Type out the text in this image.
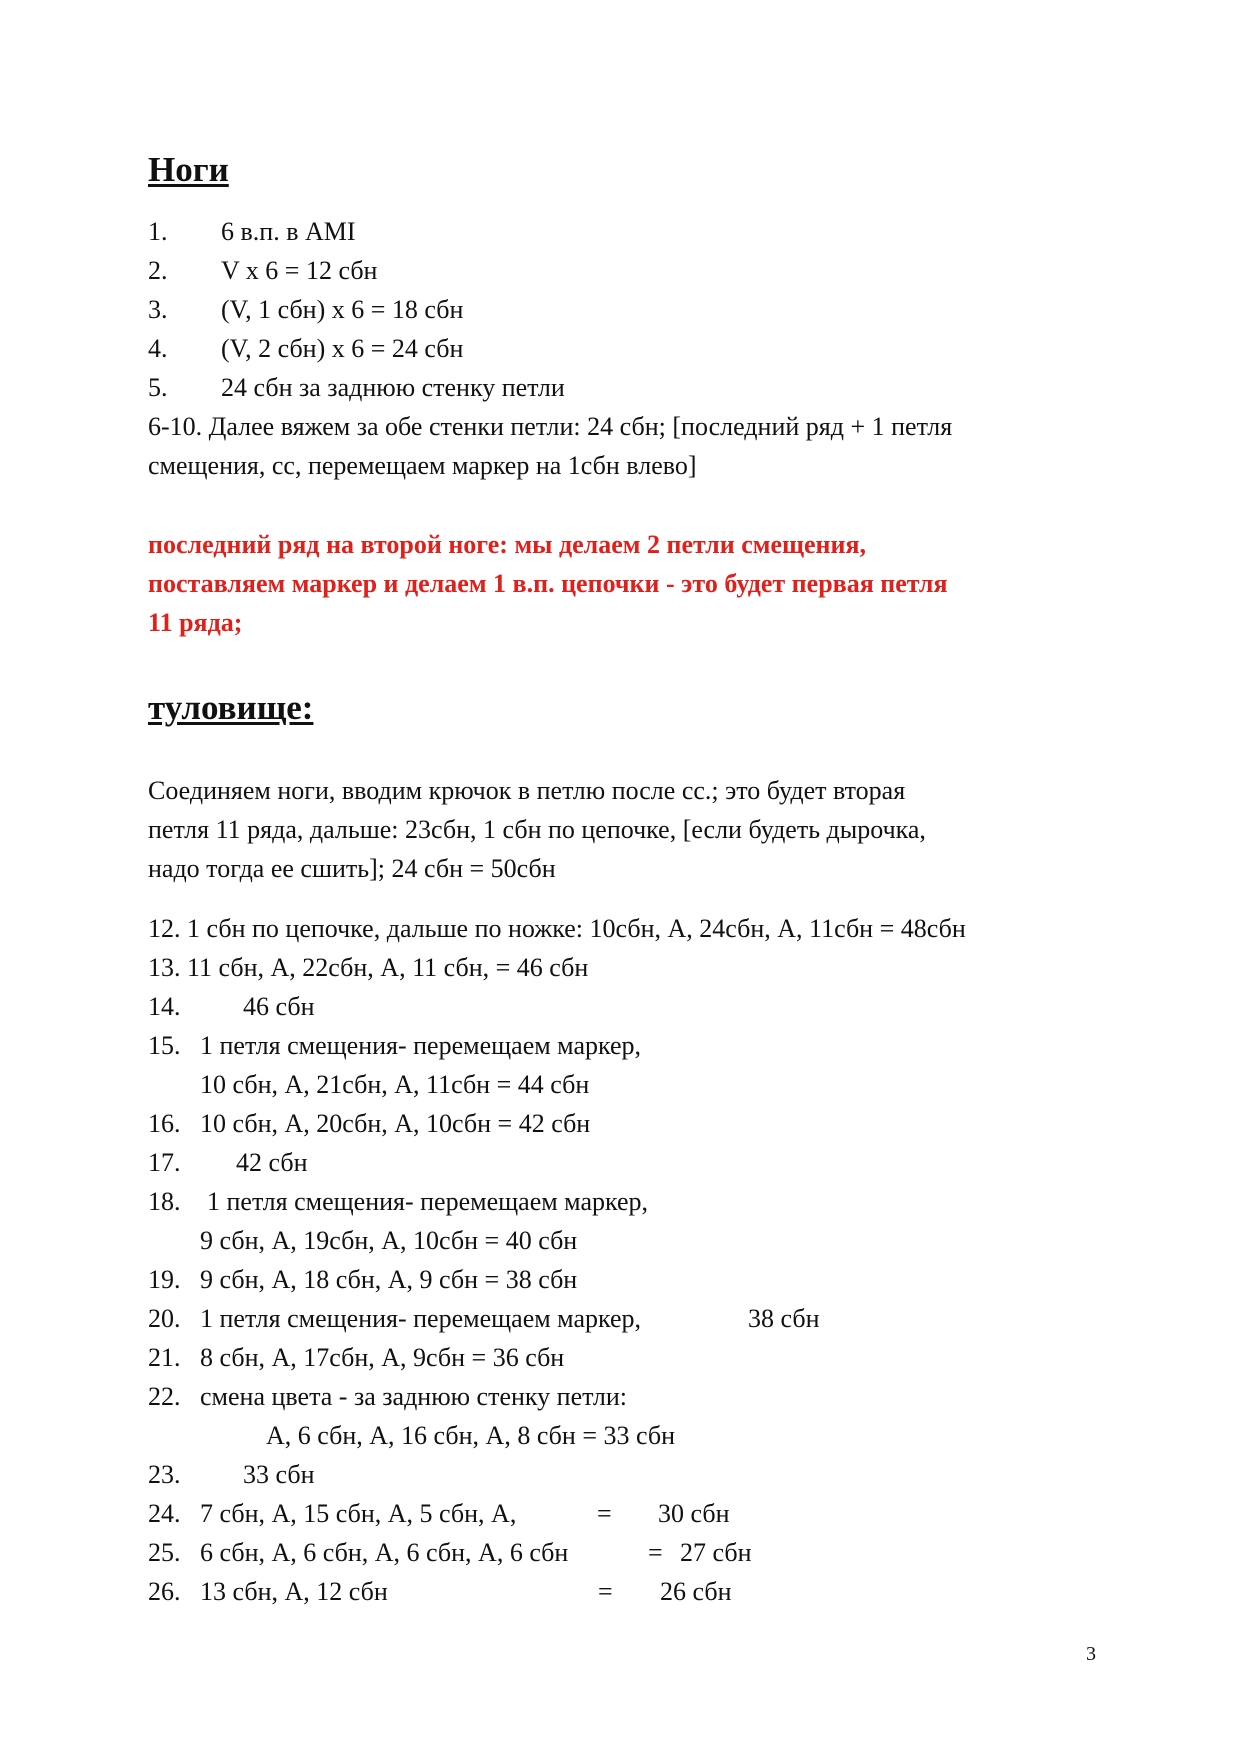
Ноги
1. 6 в.п. в AMI
2. V x 6 = 12 сбн
3. (V, 1 сбн) x 6 = 18 сбн
4. (V, 2 сбн) x 6 = 24 сбн
5. 24 сбн за заднюю стенку петли
6-10. Далее вяжем за обе стенки петли: 24 сбн; [последний ряд + 1 петля
смещения, сс, перемещаем маркер на 1сбн влево]
последний ряд на второй ноге: мы делаем 2 петли смещения,
поставляем маркер и делаем 1 в.п. цепочки - это будет первая петля
11 ряда;
туловище:
Соединяем ноги, вводим крючок в петлю после сс.; это будет вторая
петля 11 ряда, дальше: 23сбн, 1 сбн по цепочке, [если будеть дырочка,
надо тогда ее сшить]; 24 сбн = 50сбн
12. 1 сбн по цепочке, дальше по ножке: 10сбн, А, 24сбн, А, 11сбн = 48сбн
13. 11 сбн, А, 22сбн, А, 11 сбн, = 46 сбн
14. 46 сбн
15. 1 петля смещения- перемещаем маркер,
10 сбн, А, 21сбн, А, 11сбн = 44 сбн
16. 10 сбн, А, 20сбн, А, 10сбн = 42 сбн
17. 42 сбн
18. 1 петля смещения- перемещаем маркер,
9 сбн, А, 19сбн, А, 10сбн = 40 сбн
19. 9 сбн, А, 18 сбн, А, 9 сбн = 38 сбн
20. 1 петля смещения- перемещаем маркер,	38 сбн
21. 8 сбн, А, 17сбн, А, 9сбн = 36 сбн
22. смена цвета - за заднюю стенку петли:
А, 6 сбн, А, 16 сбн, А, 8 сбн = 33 сбн
23. 33 сбн
24. 7 сбн, А, 15 сбн, А, 5 сбн, А,	= 30 сбн
25. 6 сбн, А, 6 сбн, А, 6 сбн, А, 6 сбн	= 27 сбн
26. 13 сбн, А, 12 сбн	= 26 сбн
3
